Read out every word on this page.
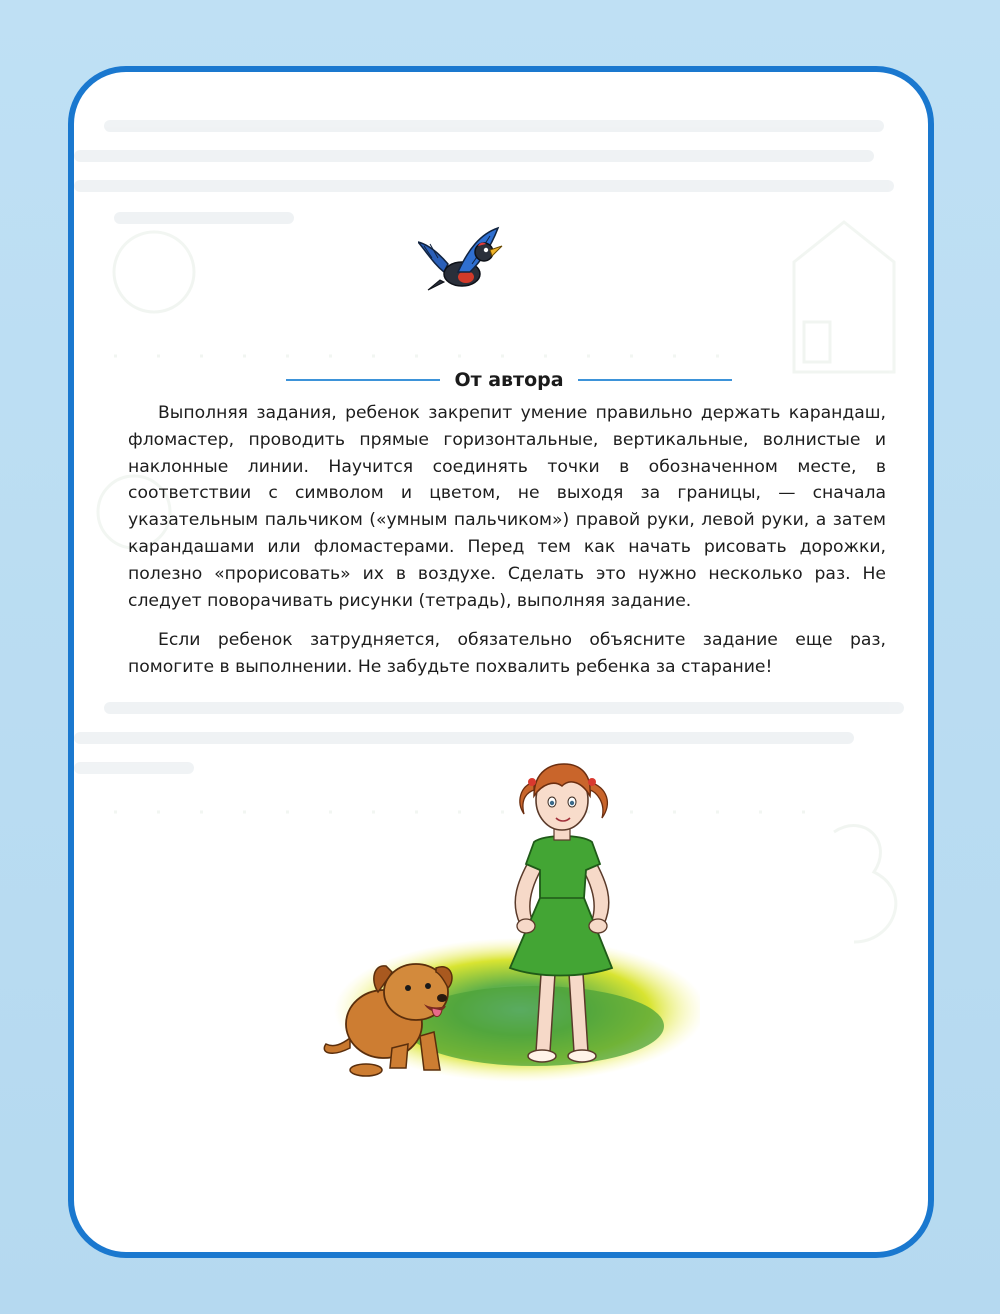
От автора

Выполняя задания, ребенок закрепит умение правильно держать карандаш, фломастер, проводить прямые горизонтальные, вертикальные, волнистые и наклонные линии. Научится соединять точки в обозначенном месте, в соответствии с символом и цветом, не выходя за границы, — сначала указательным пальчиком («умным пальчиком») правой руки, левой руки, а затем карандашами или фломастерами. Перед тем как начать рисовать дорожки, полезно «прорисовать» их в воздухе. Сделать это нужно несколько раз. Не следует поворачивать рисунки (тетрадь), выполняя задание.

Если ребенок затрудняется, обязательно объясните задание еще раз, помогите в выполнении. Не забудьте похвалить ребенка за старание!
